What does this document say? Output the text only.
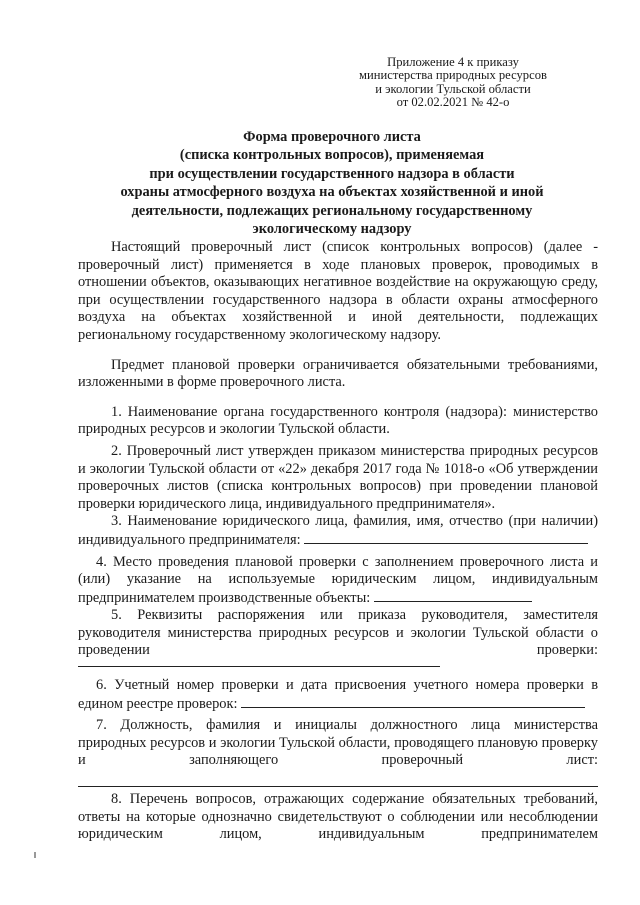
Приложение 4 к приказу
министерства природных ресурсов
и экологии Тульской области
от 02.02.2021 № 42-о
Форма проверочного листа
(списка контрольных вопросов), применяемая
при осуществлении государственного надзора в области
охраны атмосферного воздуха на объектах хозяйственной и иной
деятельности, подлежащих региональному государственному
экологическому надзору

Настоящий проверочный лист (список контрольных вопросов) (далее - проверочный лист) применяется в ходе плановых проверок, проводимых в отношении объектов, оказывающих негативное воздействие на окружающую среду, при осуществлении государственного надзора в области охраны атмосферного воздуха на объектах хозяйственной и иной деятельности, подлежащих региональному государственному экологическому надзору.

Предмет плановой проверки ограничивается обязательными требованиями, изложенными в форме проверочного листа.

1. Наименование органа государственного контроля (надзора): министерство природных ресурсов и экологии Тульской области.

2. Проверочный лист утвержден приказом министерства природных ресурсов и экологии Тульской области от «22» декабря 2017 года № 1018-о «Об утверждении проверочных листов (списка контрольных вопросов) при проведении плановой проверки юридического лица, индивидуального предпринимателя».

3. Наименование юридического лица, фамилия, имя, отчество (при наличии) индивидуального предпринимателя:

4. Место проведения плановой проверки с заполнением проверочного листа и (или) указание на используемые юридическим лицом, индивидуальным предпринимателем производственные объекты:

5. Реквизиты распоряжения или приказа руководителя, заместителя руководителя министерства природных ресурсов и экологии Тульской области о проведении проверки:

6. Учетный номер проверки и дата присвоения учетного номера проверки в едином реестре проверок:

7. Должность, фамилия и инициалы должностного лица министерства природных ресурсов и экологии Тульской области, проводящего плановую проверку и заполняющего проверочный лист:

8. Перечень вопросов, отражающих содержание обязательных требований, ответы на которые однозначно свидетельствуют о соблюдении или несоблюдении юридическим лицом, индивидуальным предпринимателем
